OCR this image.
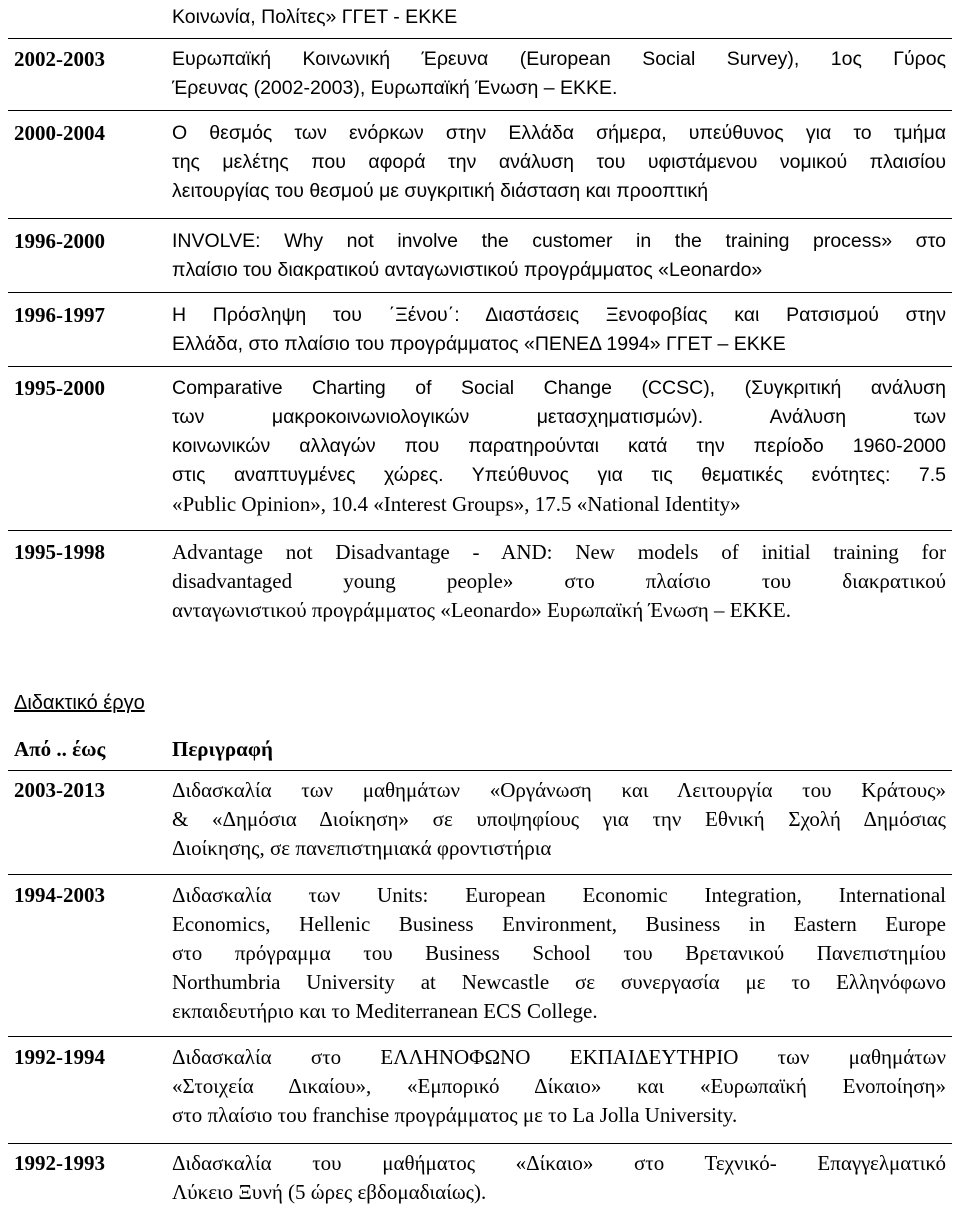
Κοινωνία, Πολίτες» ΓΓΕΤ - ΕΚΚΕ
2002-2003	Ευρωπαϊκή Κοινωνική Έρευνα (European Social Survey), 1ος Γύρος
Έρευνας (2002-2003), Ευρωπαϊκή Ένωση – ΕΚΚΕ.
2000-2004	Ο θεσμός των ενόρκων στην Ελλάδα σήμερα, υπεύθυνος για το τμήμα
της μελέτης που αφορά την ανάλυση του υφιστάμενου νομικού πλαισίου
λειτουργίας του θεσμού με συγκριτική διάσταση και προοπτική
1996-2000	INVOLVE: Why not involve the customer in the training process» στο
πλαίσιο του διακρατικού ανταγωνιστικού προγράμματος «Leonardo»
1996-1997	Η Πρόσληψη του ΄Ξένου΄: Διαστάσεις Ξενοφοβίας και Ρατσισμού στην
Ελλάδα, στο πλαίσιο του προγράμματος «ΠΕΝΕΔ 1994» ΓΓΕΤ – ΕΚΚΕ
1995-2000	Comparative Charting of Social Change (CCSC), (Συγκριτική ανάλυση
των μακροκοινωνιολογικών μετασχηματισμών). Ανάλυση των
κοινωνικών αλλαγών που παρατηρούνται κατά την περίοδο 1960-2000
στις αναπτυγμένες χώρες. Υπεύθυνος για τις θεματικές ενότητες: 7.5
«Public Opinion», 10.4 «Interest Groups», 17.5 «National Identity»
1995-1998	Advantage not Disadvantage - AND: New models of initial training for
disadvantaged young people» στο πλαίσιο του διακρατικού
ανταγωνιστικού προγράμματος «Leonardo» Ευρωπαϊκή Ένωση – ΕΚΚΕ.
Διδακτικό έργο
Από .. έως	Περιγραφή
2003-2013	Διδασκαλία των μαθημάτων «Οργάνωση και Λειτουργία του Κράτους»
& «Δημόσια Διοίκηση» σε υποψηφίους για την Εθνική Σχολή Δημόσιας
Διοίκησης, σε πανεπιστημιακά φροντιστήρια
1994-2003	Διδασκαλία των Units: European Economic Integration, International
Economics, Hellenic Business Environment, Business in Eastern Europe
στο πρόγραμμα του Business School του Βρετανικού Πανεπιστημίου
Northumbria University at Newcastle σε συνεργασία με το Ελληνόφωνο
εκπαιδευτήριο και το Mediterranean ECS College.
1992-1994	Διδασκαλία στο ΕΛΛΗΝΟΦΩΝΟ ΕΚΠΑΙΔΕΥΤΗΡΙΟ των μαθημάτων
«Στοιχεία Δικαίου», «Εμπορικό Δίκαιο» και «Ευρωπαϊκή Ενοποίηση»
στο πλαίσιο του franchise προγράμματος με το La Jolla University.
1992-1993	Διδασκαλία του μαθήματος «Δίκαιο» στο Τεχνικό- Επαγγελματικό
Λύκειο Ξυνή (5 ώρες εβδομαδιαίως).
